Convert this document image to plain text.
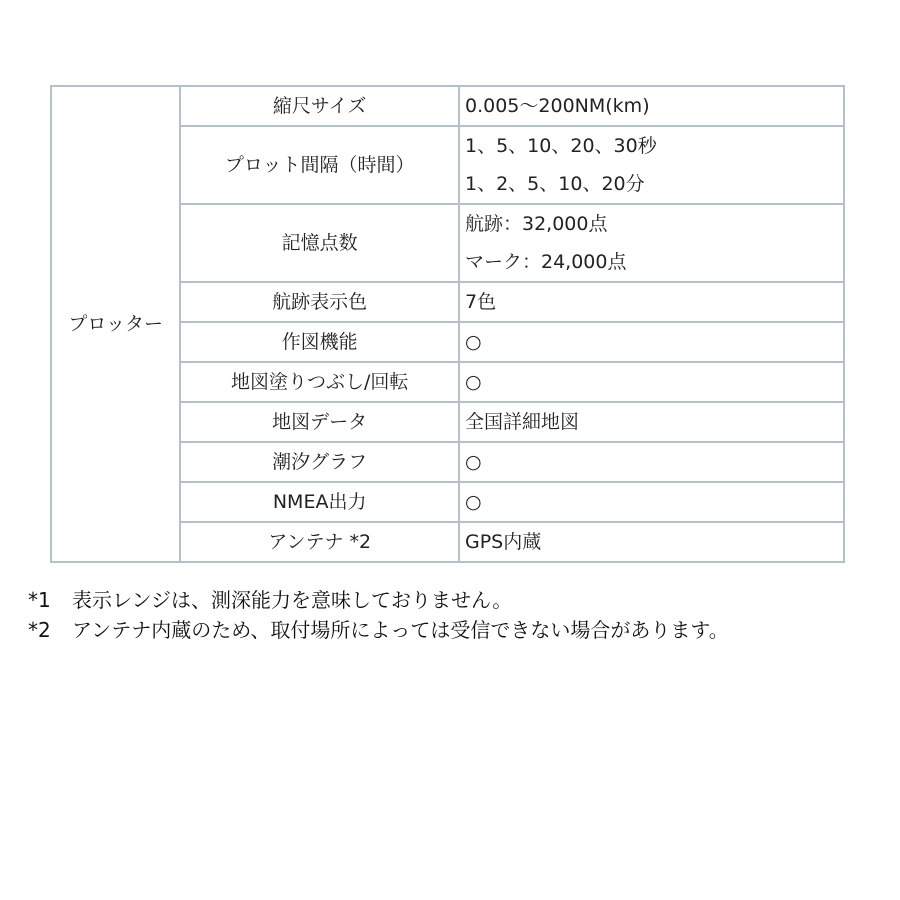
プロッター	縮尺サイズ	0.005～200NM(km)

	プロット間隔（時間）	1、5、10、20、30秒
1、2、5、10、20分

	記憶点数	航跡：32,000点
マーク：24,000点

	航跡表示色	7色

	作図機能	○

	地図塗りつぶし/回転	○

	地図データ	全国詳細地図

	潮汐グラフ	○

	NMEA出力	○

	アンテナ *2	GPS内蔵
*1 表示レンジは、測深能力を意味しておりません。
*2 アンテナ内蔵のため、取付場所によっては受信できない場合があります。
